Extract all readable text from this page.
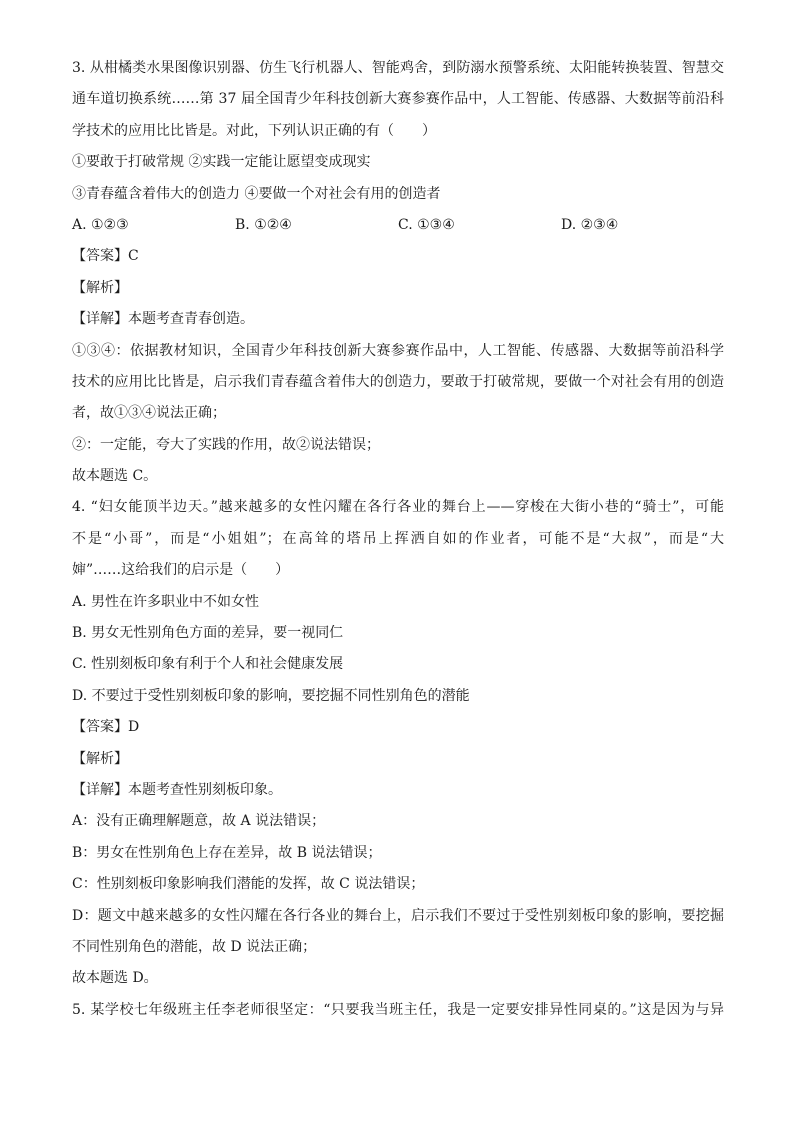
3. 从柑橘类水果图像识别器、仿生飞行机器人、智能鸡舍，到防溺水预警系统、太阳能转换装置、智慧交
通车道切换系统……第 37 届全国青少年科技创新大赛参赛作品中，人工智能、传感器、大数据等前沿科
学技术的应用比比皆是。对此，下列认识正确的有（　　）
①要敢于打破常规 ②实践一定能让愿望变成现实
③青春蕴含着伟大的创造力 ④要做一个对社会有用的创造者
A. ①②③	B. ①②④	C. ①③④	D. ②③④
【 答案 】 C
【 解析 】
【 详解 】 本题考查青春创造。
①③④：依据教材知识，全国青少年科技创新大赛参赛作品中，人工智能、传感器、大数据等前沿科学
技术的应用比比皆是，启示我们青春蕴含着伟大的创造力，要敢于打破常规，要做一个对社会有用的创造
者，故①③④说法正确；
②：一定能，夸大了实践的作用，故②说法错误；
故本题选 C。
4. “妇女能顶半边天。”越来越多的女性闪耀在各行各业的舞台上——穿梭在大街小巷的“骑士”，可能
不是“小哥”，而是“小姐姐”；在高耸的塔吊上挥洒自如的作业者，可能不是“大叔”，而是“大
婶”……这给我们的启示是（　　）
A. 男性在许多职业中不如女性
B. 男女无性别角色方面的差异，要一视同仁
C. 性别刻板印象有利于个人和社会健康发展
D. 不要过于受性别刻板印象的影响，要挖掘不同性别角色的潜能
【 答案 】 D
【 解析 】
【 详解 】 本题考查性别刻板印象。
A：没有正确理解题意，故 A 说法错误；
B：男女在性别角色上存在差异，故 B 说法错误；
C：性别刻板印象影响我们潜能的发挥，故 C 说法错误；
D：题文中越来越多的女性闪耀在各行各业的舞台上，启示我们不要过于受性别刻板印象的影响，要挖掘
不同性别角色的潜能，故 D 说法正确；
故本题选 D。
5. 某学校七年级班主任李老师很坚定：“只要我当班主任，我是一定要安排异性同桌的。”这是因为与异
